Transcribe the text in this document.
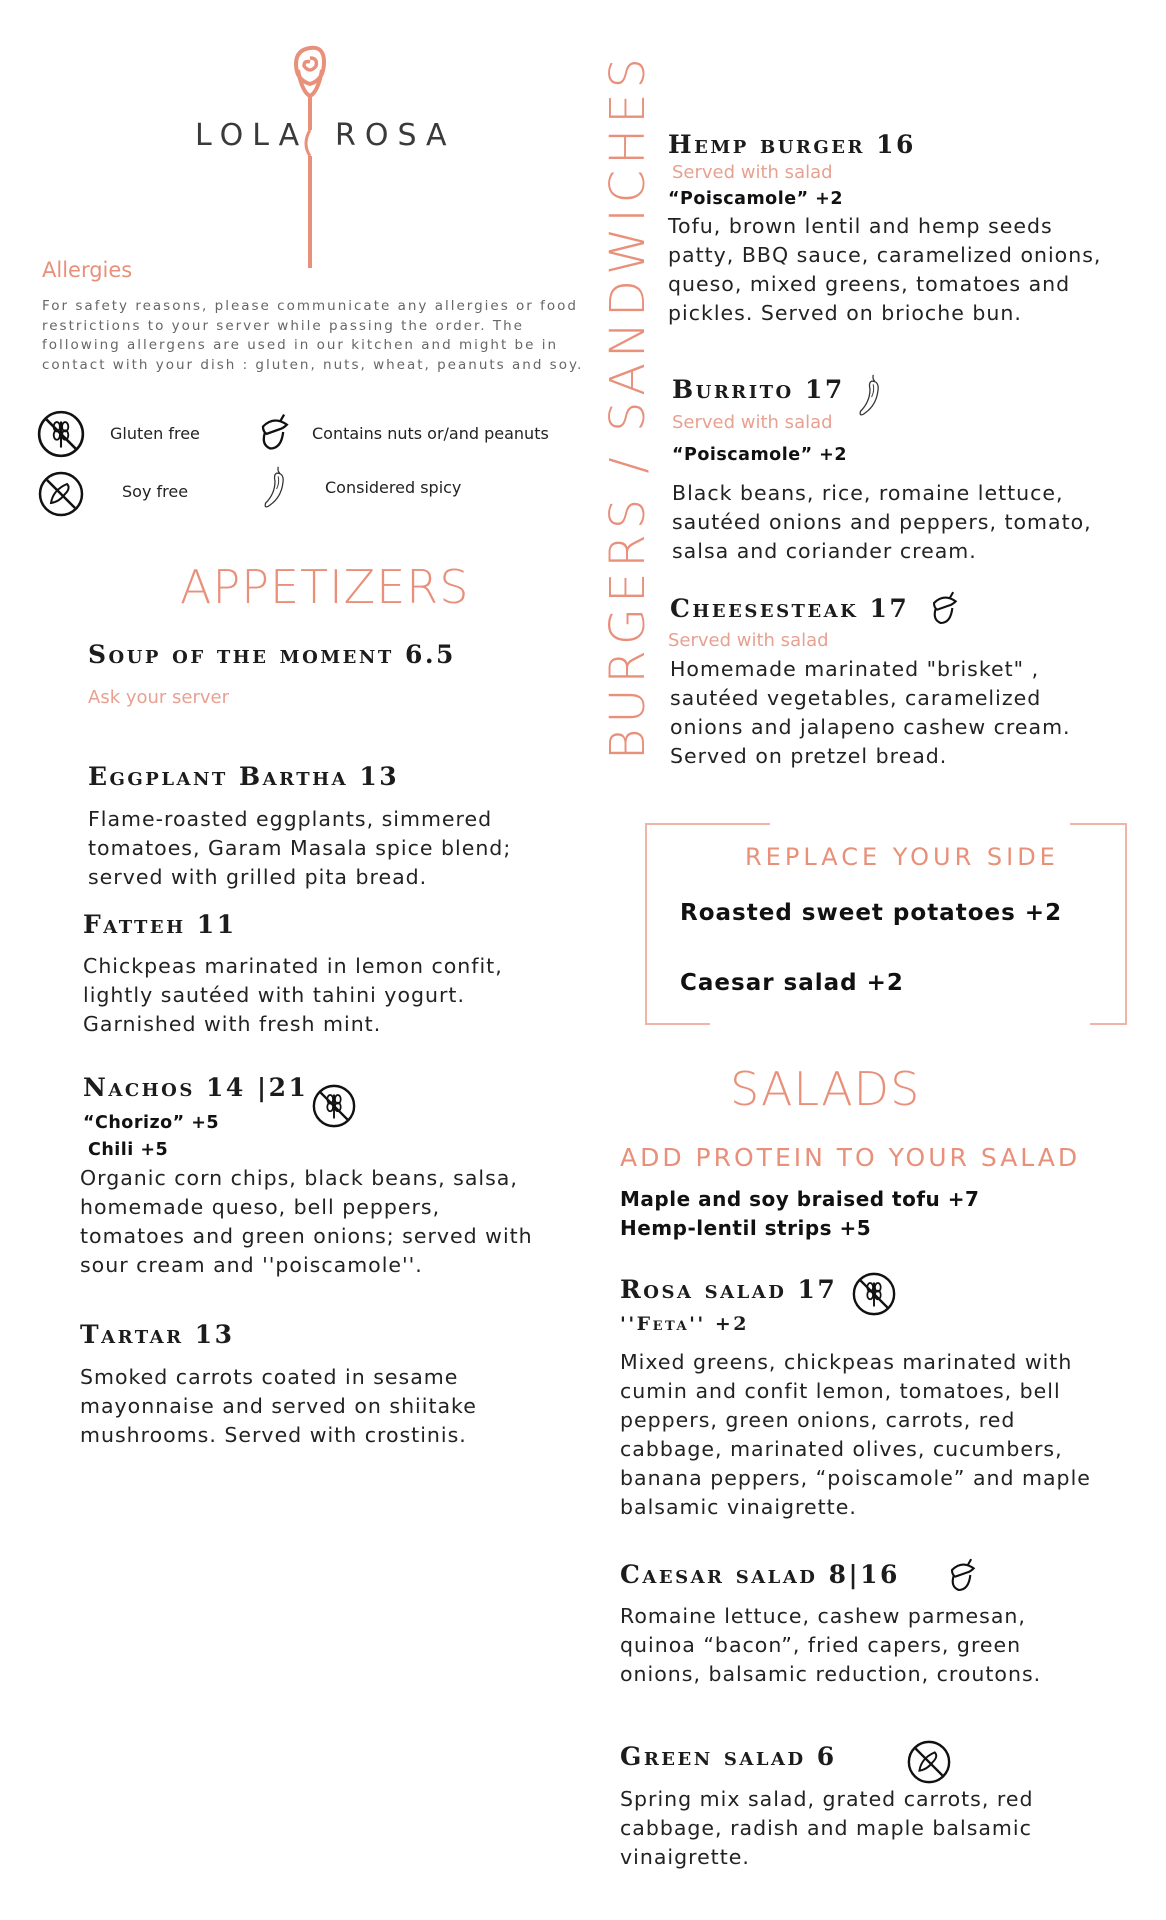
LOLA ROSA
Allergies
For safety reasons, please communicate any allergies or food restrictions to your server while passing the order. The following allergens are used in our kitchen and might be in contact with your dish : gluten, nuts, wheat, peanuts and soy.
Gluten free	Contains nuts or/and peanuts
Soy free	Considered spicy
APPETIZERS
Soup of the moment 6.5
Ask your server
Eggplant Bartha 13
Flame-roasted eggplants, simmered tomatoes, Garam Masala spice blend; served with grilled pita bread.
Fatteh 11
Chickpeas marinated in lemon confit, lightly sautéed with tahini yogurt. Garnished with fresh mint.
Nachos 14 |21
“Chorizo” +5
Chili +5
Organic corn chips, black beans, salsa, homemade queso, bell peppers, tomatoes and green onions; served with sour cream and ''poiscamole''.
Tartar 13
Smoked carrots coated in sesame mayonnaise and served on shiitake mushrooms. Served with crostinis.
BURGERS / SANDWICHES Hemp burger 16
Served with salad
“Poiscamole” +2
Tofu, brown lentil and hemp seeds patty, BBQ sauce, caramelized onions, queso, mixed greens, tomatoes and pickles. Served on brioche bun.
Burrito 17
Served with salad
“Poiscamole” +2
Black beans, rice, romaine lettuce, sautéed onions and peppers, tomato, salsa and coriander cream.
Cheesesteak 17
Served with salad
Homemade marinated "brisket" , sautéed vegetables, caramelized onions and jalapeno cashew cream. Served on pretzel bread.
REPLACE YOUR SIDE
Roasted sweet potatoes +2
Caesar salad +2
SALADS
ADD PROTEIN TO YOUR SALAD
Maple and soy braised tofu +7
Hemp-lentil strips +5
Rosa salad 17
''Feta'' +2
Mixed greens, chickpeas marinated with cumin and confit lemon, tomatoes, bell peppers, green onions, carrots, red cabbage, marinated olives, cucumbers, banana peppers, “poiscamole” and maple balsamic vinaigrette.
Caesar salad 8|16
Romaine lettuce, cashew parmesan, quinoa “bacon”, fried capers, green onions, balsamic reduction, croutons.
Green salad 6
Spring mix salad, grated carrots, red cabbage, radish and maple balsamic vinaigrette.
